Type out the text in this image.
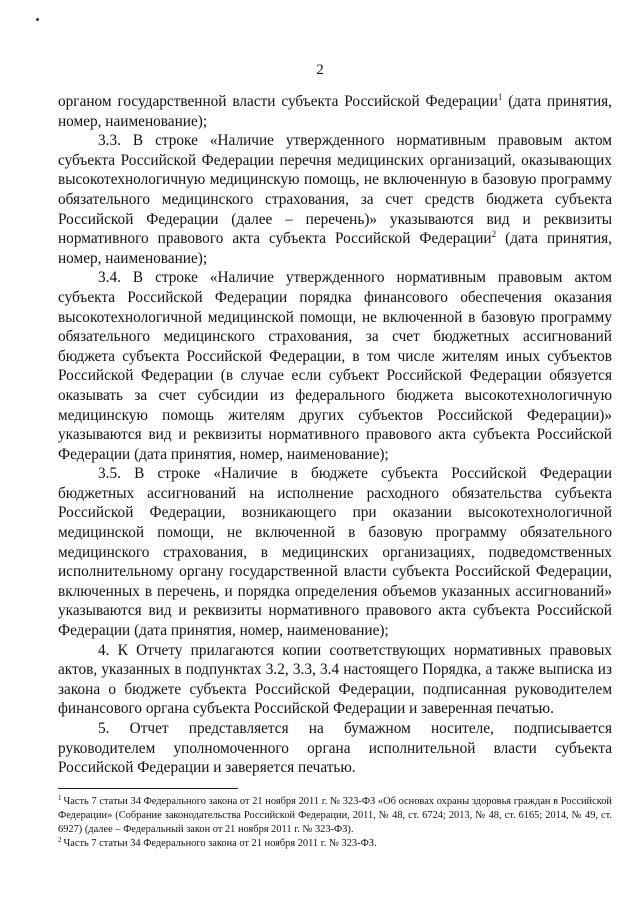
2

органом государственной власти субъекта Российской Федерации$^1$ (дата принятия, номер, наименование);

3.3. В строке «Наличие утвержденного нормативным правовым актом субъекта Российской Федерации перечня медицинских организаций, оказывающих высокотехнологичную медицинскую помощь, не включенную в базовую программу обязательного медицинского страхования, за счет средств бюджета субъекта Российской Федерации (далее – перечень)» указываются вид и реквизиты нормативного правового акта субъекта Российской Федерации$^2$ (дата принятия, номер, наименование);

3.4. В строке «Наличие утвержденного нормативным правовым актом субъекта Российской Федерации порядка финансового обеспечения оказания высокотехнологичной медицинской помощи, не включенной в базовую программу обязательного медицинского страхования, за счет бюджетных ассигнований бюджета субъекта Российской Федерации, в том числе жителям иных субъектов Российской Федерации (в случае если субъект Российской Федерации обязуется оказывать за счет субсидии из федерального бюджета высокотехнологичную медицинскую помощь жителям других субъектов Российской Федерации)» указываются вид и реквизиты нормативного правового акта субъекта Российской Федерации (дата принятия, номер, наименование);

3.5. В строке «Наличие в бюджете субъекта Российской Федерации бюджетных ассигнований на исполнение расходного обязательства субъекта Российской Федерации, возникающего при оказании высокотехнологичной медицинской помощи, не включенной в базовую программу обязательного медицинского страхования, в медицинских организациях, подведомственных исполнительному органу государственной власти субъекта Российской Федерации, включенных в перечень, и порядка определения объемов указанных ассигнований» указываются вид и реквизиты нормативного правового акта субъекта Российской Федерации (дата принятия, номер, наименование);

4. К Отчету прилагаются копии соответствующих нормативных правовых актов, указанных в подпунктах 3.2, 3.3, 3.4 настоящего Порядка, а также выписка из закона о бюджете субъекта Российской Федерации, подписанная руководителем финансового органа субъекта Российской Федерации и заверенная печатью.

5. Отчет представляется на бумажном носителе, подписывается руководителем уполномоченного органа исполнительной власти субъекта Российской Федерации и заверяется печатью.

$^1$ Часть 7 статьи 34 Федерального закона от 21 ноября 2011 г. № 323-ФЗ «Об основах охраны здоровья граждан в Российской Федерации» (Собрание законодательства Российской Федерации, 2011, № 48, ст. 6724; 2013, № 48, ст. 6165; 2014, № 49, ст. 6927) (далее – Федеральный закон от 21 ноября 2011 г. № 323-ФЗ).

$^2$ Часть 7 статьи 34 Федерального закона от 21 ноября 2011 г. № 323-ФЗ.
